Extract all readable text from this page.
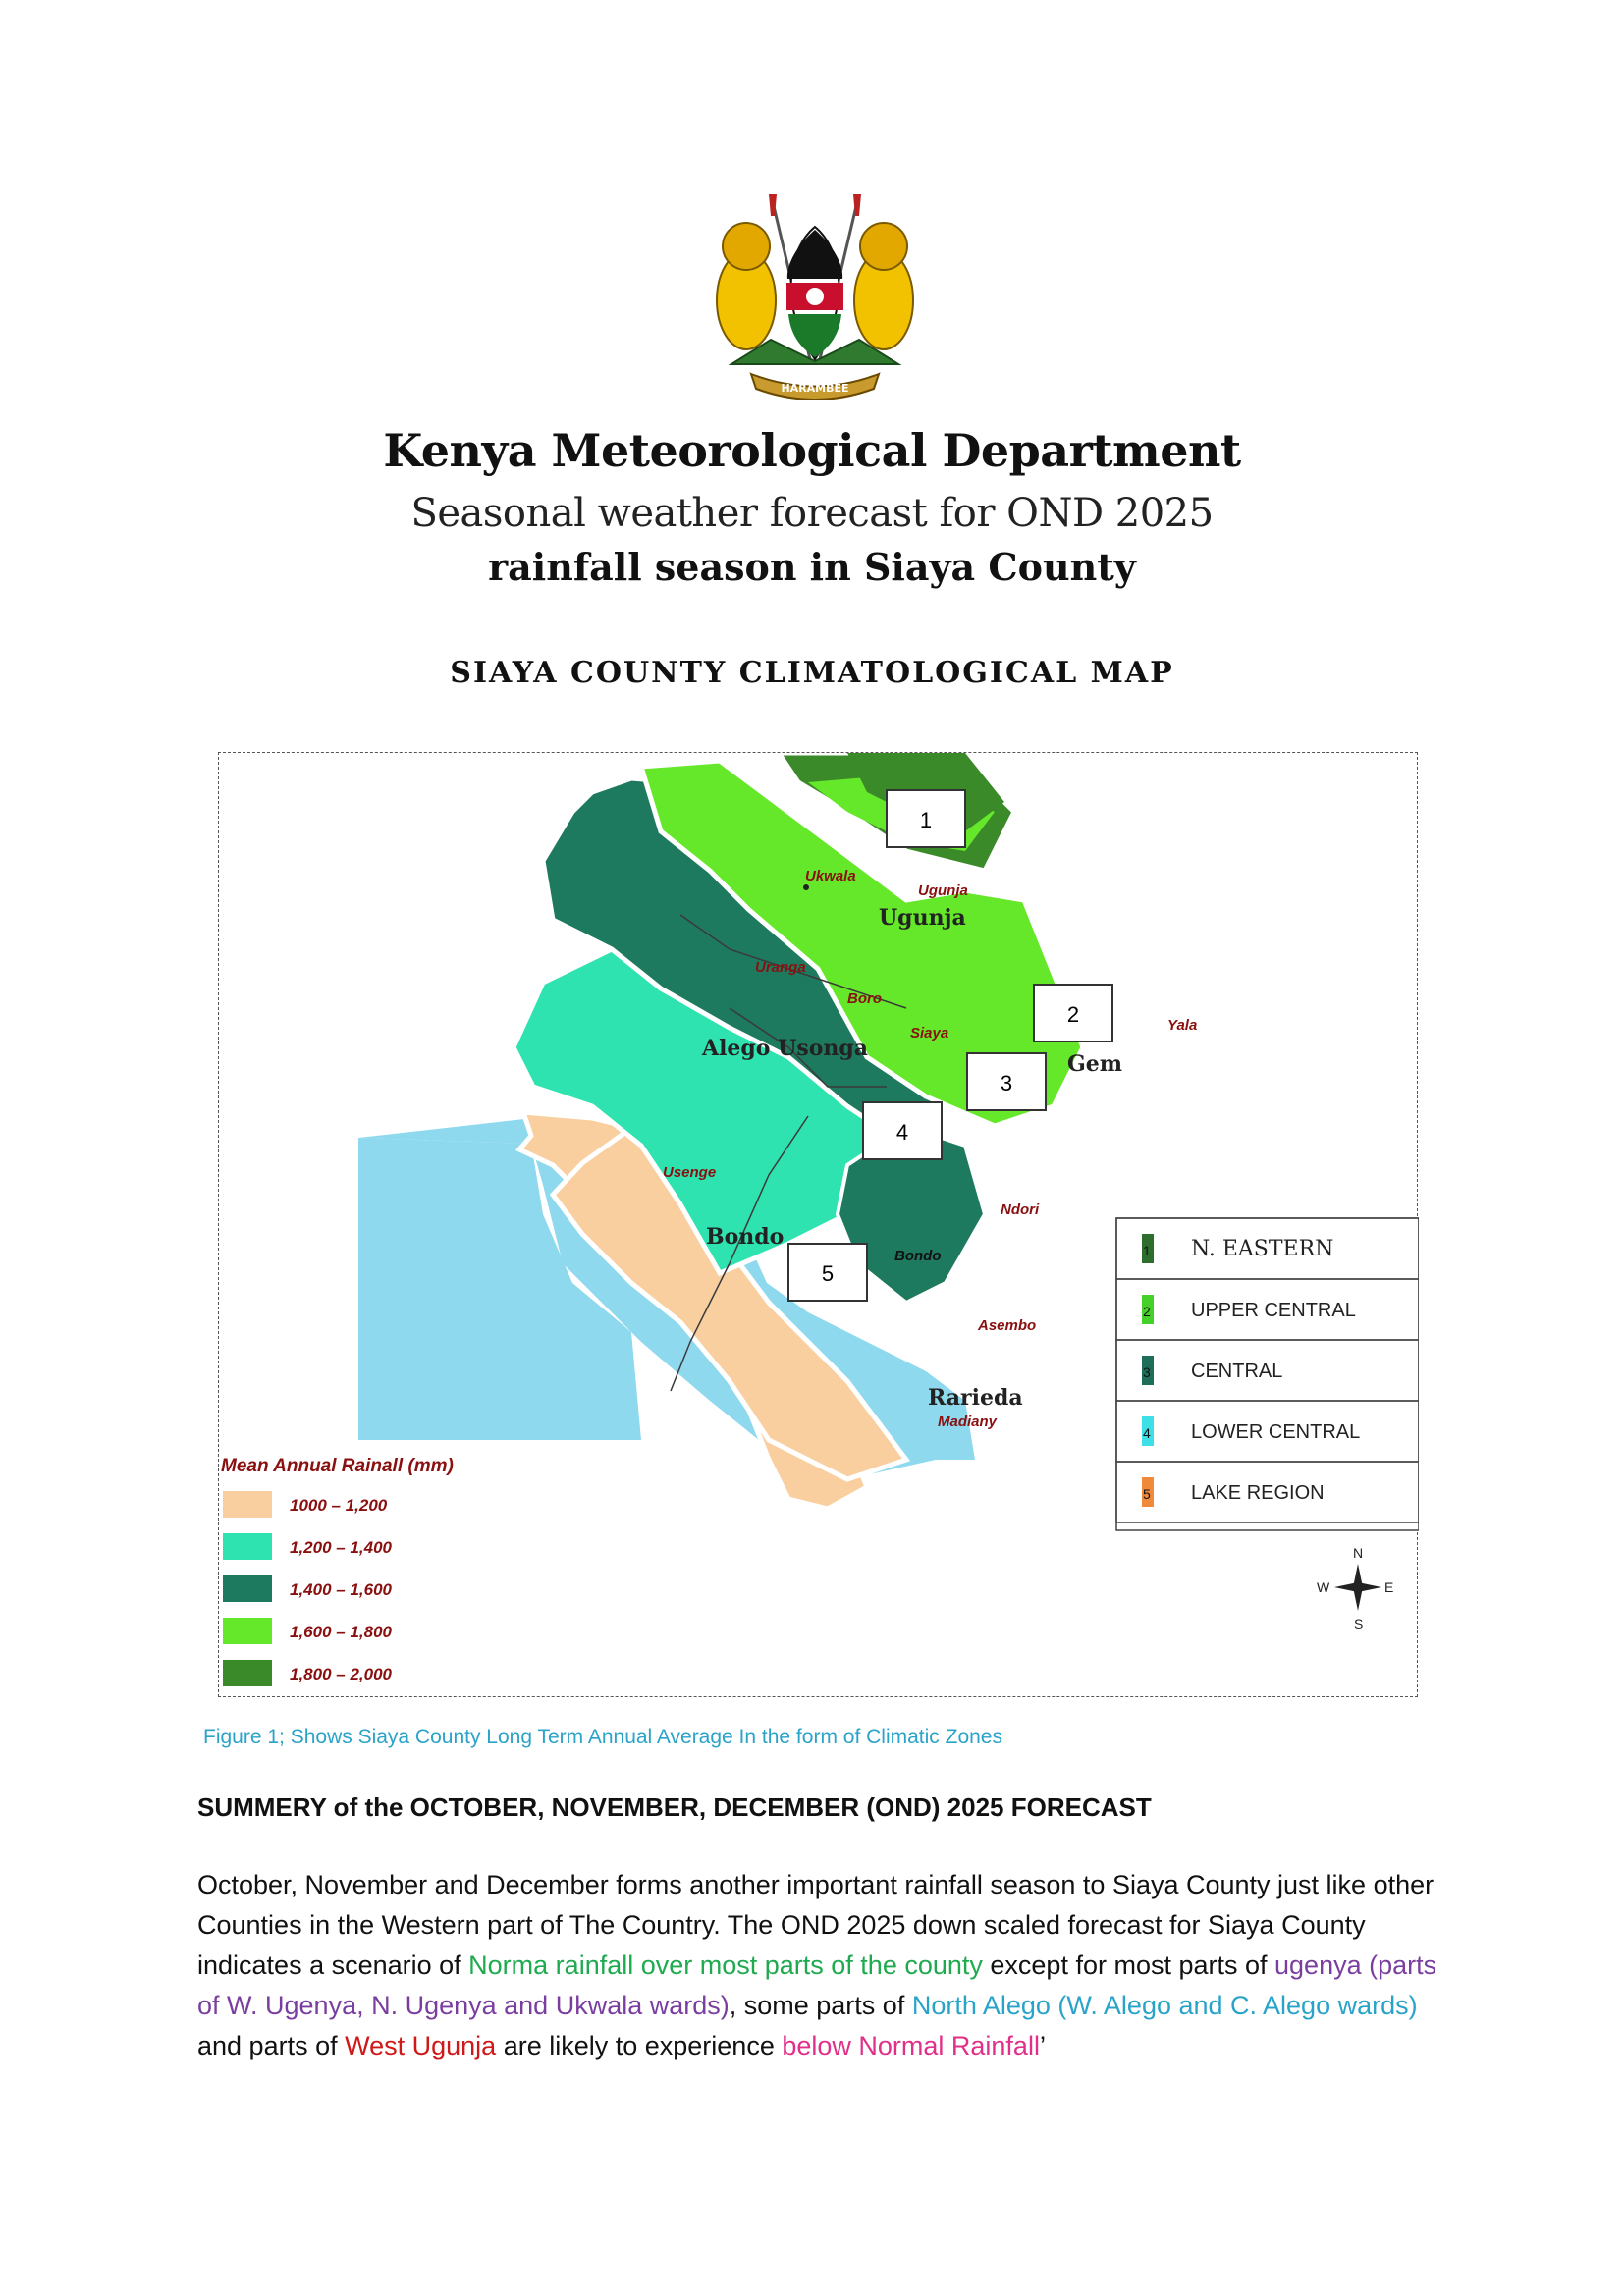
HARAMBEE
Kenya Meteorological Department
Seasonal weather forecast for OND 2025
rainfall season in Siaya County
SIAYA COUNTY CLIMATOLOGICAL MAP
1
2
3
4
5
Ukwala
Ugunja
Uranga
Boro
Siaya	Yala
Usenge
Ndori
Asembo
Madiany
Bondo
Ugunja
Alego Usonga
Gem
Bondo
Rarieda
Mean Annual Rainall (mm)
1000 – 1,200
1,200 – 1,400
1,400 – 1,600
1,600 – 1,800
1,800 – 2,000
1 N. EASTERN
2 UPPER CENTRAL
3 CENTRAL
4 LOWER CENTRAL
5 LAKE REGION
N
S
E
W
Figure 1; Shows Siaya County Long Term Annual Average In the form of Climatic Zones
SUMMERY of the OCTOBER, NOVEMBER, DECEMBER (OND) 2025 FORECAST
October, November and December forms another important rainfall season to Siaya County just like other Counties in the Western part of The Country. The OND 2025 down scaled forecast for Siaya County indicates a scenario of Norma rainfall over most parts of the county except for most parts of ugenya (parts of W. Ugenya, N. Ugenya and Ukwala wards), some parts of North Alego (W. Alego and C. Alego wards) and parts of West Ugunja are likely to experience below Normal Rainfall’
